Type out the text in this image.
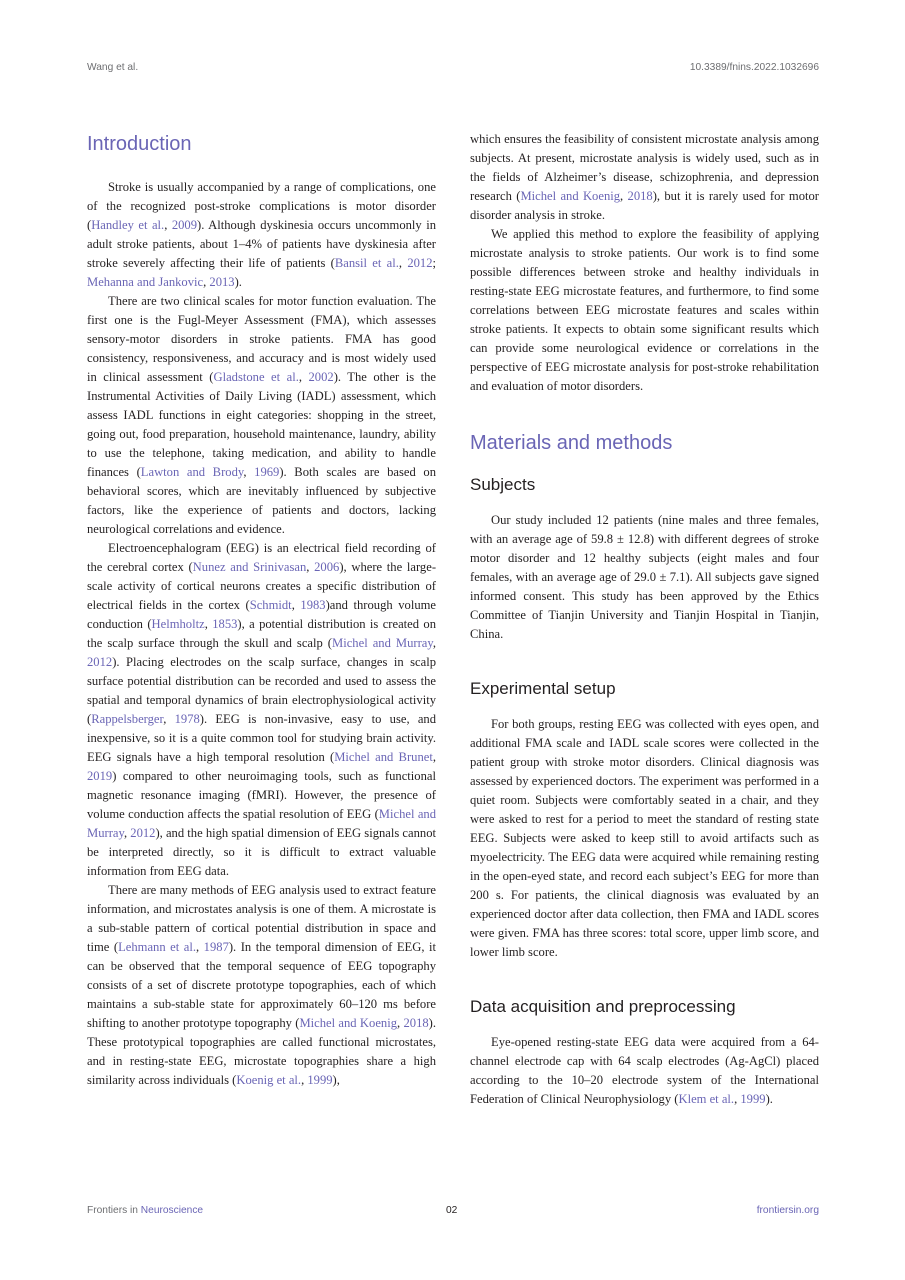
Wang et al.	10.3389/fnins.2022.1032696
Introduction

Stroke is usually accompanied by a range of complications, one of the recognized post-stroke complications is motor disorder (Handley et al., 2009). Although dyskinesia occurs uncommonly in adult stroke patients, about 1–4% of patients have dyskinesia after stroke severely affecting their life of patients (Bansil et al., 2012; Mehanna and Jankovic, 2013).

There are two clinical scales for motor function evaluation. The first one is the Fugl-Meyer Assessment (FMA), which assesses sensory-motor disorders in stroke patients. FMA has good consistency, responsiveness, and accuracy and is most widely used in clinical assessment (Gladstone et al., 2002). The other is the Instrumental Activities of Daily Living (IADL) assessment, which assess IADL functions in eight categories: shopping in the street, going out, food preparation, household maintenance, laundry, ability to use the telephone, taking medication, and ability to handle finances (Lawton and Brody, 1969). Both scales are based on behavioral scores, which are inevitably influenced by subjective factors, like the experience of patients and doctors, lacking neurological correlations and evidence.

Electroencephalogram (EEG) is an electrical field recording of the cerebral cortex (Nunez and Srinivasan, 2006), where the large-scale activity of cortical neurons creates a specific distribution of electrical fields in the cortex (Schmidt, 1983)and through volume conduction (Helmholtz, 1853), a potential distribution is created on the scalp surface through the skull and scalp (Michel and Murray, 2012). Placing electrodes on the scalp surface, changes in scalp surface potential distribution can be recorded and used to assess the spatial and temporal dynamics of brain electrophysiological activity (Rappelsberger, 1978). EEG is non-invasive, easy to use, and inexpensive, so it is a quite common tool for studying brain activity. EEG signals have a high temporal resolution (Michel and Brunet, 2019) compared to other neuroimaging tools, such as functional magnetic resonance imaging (fMRI). However, the presence of volume conduction affects the spatial resolution of EEG (Michel and Murray, 2012), and the high spatial dimension of EEG signals cannot be interpreted directly, so it is difficult to extract valuable information from EEG data.

There are many methods of EEG analysis used to extract feature information, and microstates analysis is one of them. A microstate is a sub-stable pattern of cortical potential distribution in space and time (Lehmann et al., 1987). In the temporal dimension of EEG, it can be observed that the temporal sequence of EEG topography consists of a set of discrete prototype topographies, each of which maintains a sub-stable state for approximately 60–120 ms before shifting to another prototype topography (Michel and Koenig, 2018). These prototypical topographies are called functional microstates, and in resting-state EEG, microstate topographies share a high similarity across individuals (Koenig et al., 1999),

which ensures the feasibility of consistent microstate analysis among subjects. At present, microstate analysis is widely used, such as in the fields of Alzheimer’s disease, schizophrenia, and depression research (Michel and Koenig, 2018), but it is rarely used for motor disorder analysis in stroke.

We applied this method to explore the feasibility of applying microstate analysis to stroke patients. Our work is to find some possible differences between stroke and healthy individuals in resting-state EEG microstate features, and furthermore, to find some correlations between EEG microstate features and scales within stroke patients. It expects to obtain some significant results which can provide some neurological evidence or correlations in the perspective of EEG microstate analysis for post-stroke rehabilitation and evaluation of motor disorders.

Materials and methods
Subjects

Our study included 12 patients (nine males and three females, with an average age of 59.8 ± 12.8) with different degrees of stroke motor disorder and 12 healthy subjects (eight males and four females, with an average age of 29.0 ± 7.1). All subjects gave signed informed consent. This study has been approved by the Ethics Committee of Tianjin University and Tianjin Hospital in Tianjin, China.

Experimental setup

For both groups, resting EEG was collected with eyes open, and additional FMA scale and IADL scale scores were collected in the patient group with stroke motor disorders. Clinical diagnosis was assessed by experienced doctors. The experiment was performed in a quiet room. Subjects were comfortably seated in a chair, and they were asked to rest for a period to meet the standard of resting state EEG. Subjects were asked to keep still to avoid artifacts such as myoelectricity. The EEG data were acquired while remaining resting in the open-eyed state, and record each subject’s EEG for more than 200 s. For patients, the clinical diagnosis was evaluated by an experienced doctor after data collection, then FMA and IADL scores were given. FMA has three scores: total score, upper limb score, and lower limb score.

Data acquisition and preprocessing

Eye-opened resting-state EEG data were acquired from a 64-channel electrode cap with 64 scalp electrodes (Ag-AgCl) placed according to the 10–20 electrode system of the International Federation of Clinical Neurophysiology (Klem et al., 1999).

Frontiers in Neuroscience	02	frontiersin.org
